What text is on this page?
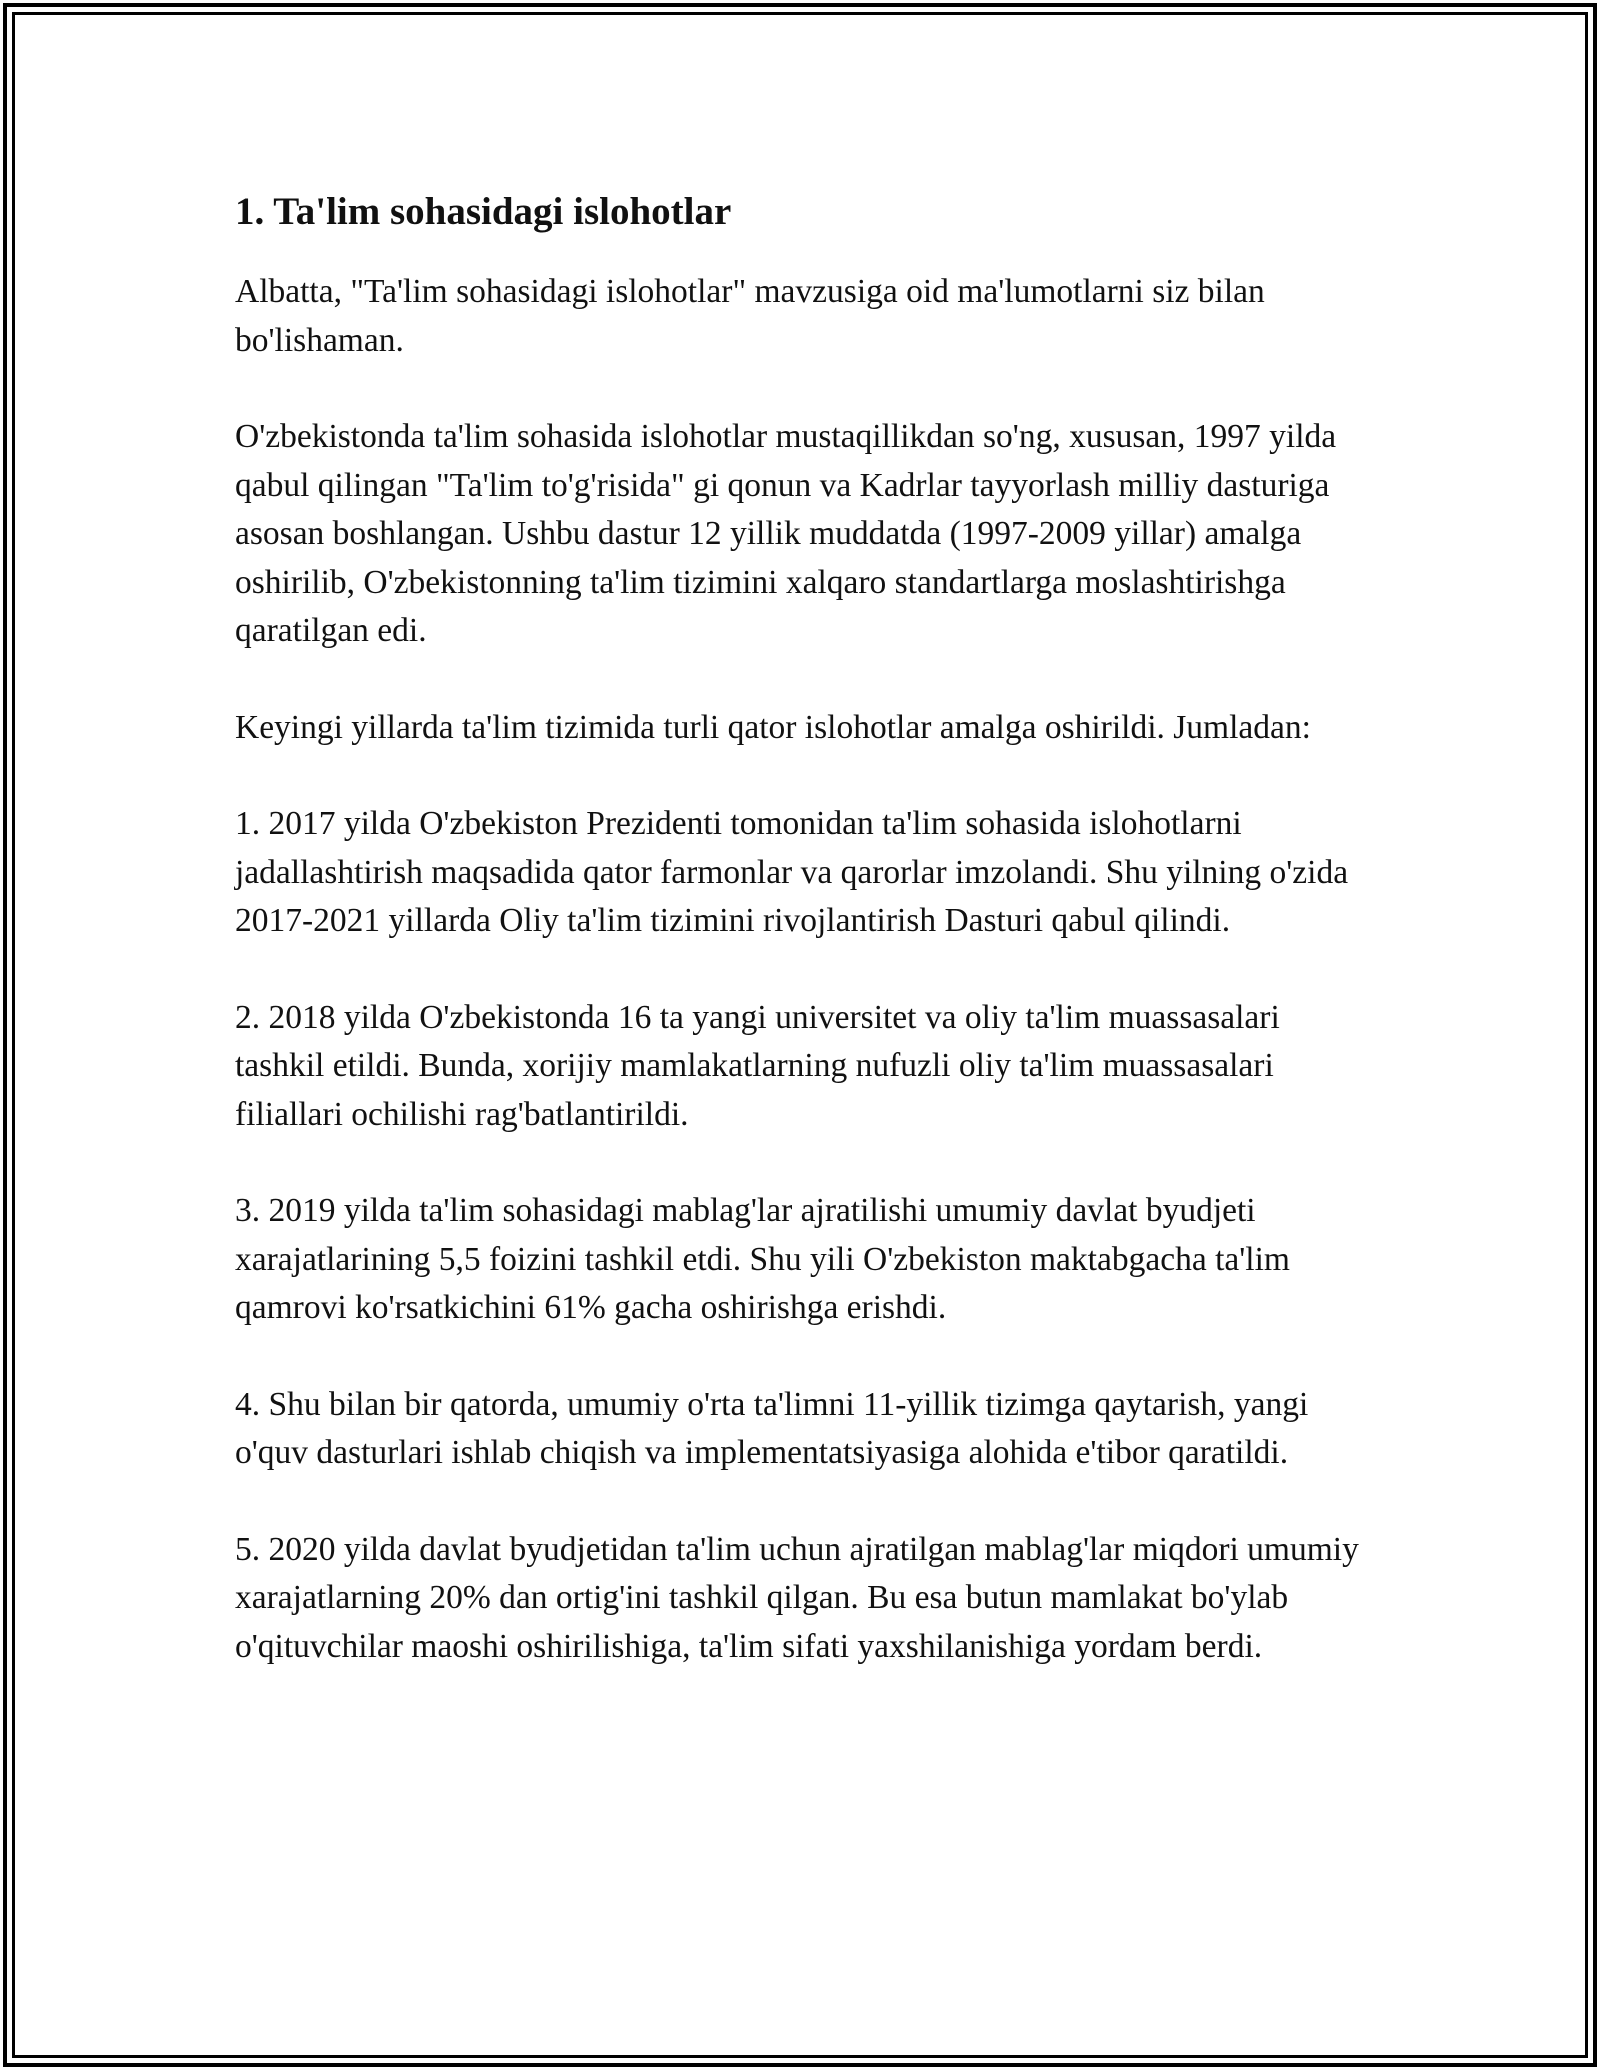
1. Ta'lim sohasidagi islohotlar

Albatta, "Ta'lim sohasidagi islohotlar" mavzusiga oid ma'lumotlarni siz bilan bo'lishaman.

O'zbekistonda ta'lim sohasida islohotlar mustaqillikdan so'ng, xususan, 1997 yilda qabul qilingan "Ta'lim to'g'risida" gi qonun va Kadrlar tayyorlash milliy dasturiga asosan boshlangan. Ushbu dastur 12 yillik muddatda (1997-2009 yillar) amalga oshirilib, O'zbekistonning ta'lim tizimini xalqaro standartlarga moslashtirishga qaratilgan edi.

Keyingi yillarda ta'lim tizimida turli qator islohotlar amalga oshirildi. Jumladan:

1. 2017 yilda O'zbekiston Prezidenti tomonidan ta'lim sohasida islohotlarni jadallashtirish maqsadida qator farmonlar va qarorlar imzolandi. Shu yilning o'zida 2017-2021 yillarda Oliy ta'lim tizimini rivojlantirish Dasturi qabul qilindi.

2. 2018 yilda O'zbekistonda 16 ta yangi universitet va oliy ta'lim muassasalari tashkil etildi. Bunda, xorijiy mamlakatlarning nufuzli oliy ta'lim muassasalari filiallari ochilishi rag'batlantirildi.

3. 2019 yilda ta'lim sohasidagi mablag'lar ajratilishi umumiy davlat byudjeti xarajatlarining 5,5 foizini tashkil etdi. Shu yili O'zbekiston maktabgacha ta'lim qamrovi ko'rsatkichini 61% gacha oshirishga erishdi.

4. Shu bilan bir qatorda, umumiy o'rta ta'limni 11-yillik tizimga qaytarish, yangi o'quv dasturlari ishlab chiqish va implementatsiyasiga alohida e'tibor qaratildi.

5. 2020 yilda davlat byudjetidan ta'lim uchun ajratilgan mablag'lar miqdori umumiy xarajatlarning 20% dan ortig'ini tashkil qilgan. Bu esa butun mamlakat bo'ylab o'qituvchilar maoshi oshirilishiga, ta'lim sifati yaxshilanishiga yordam berdi.
